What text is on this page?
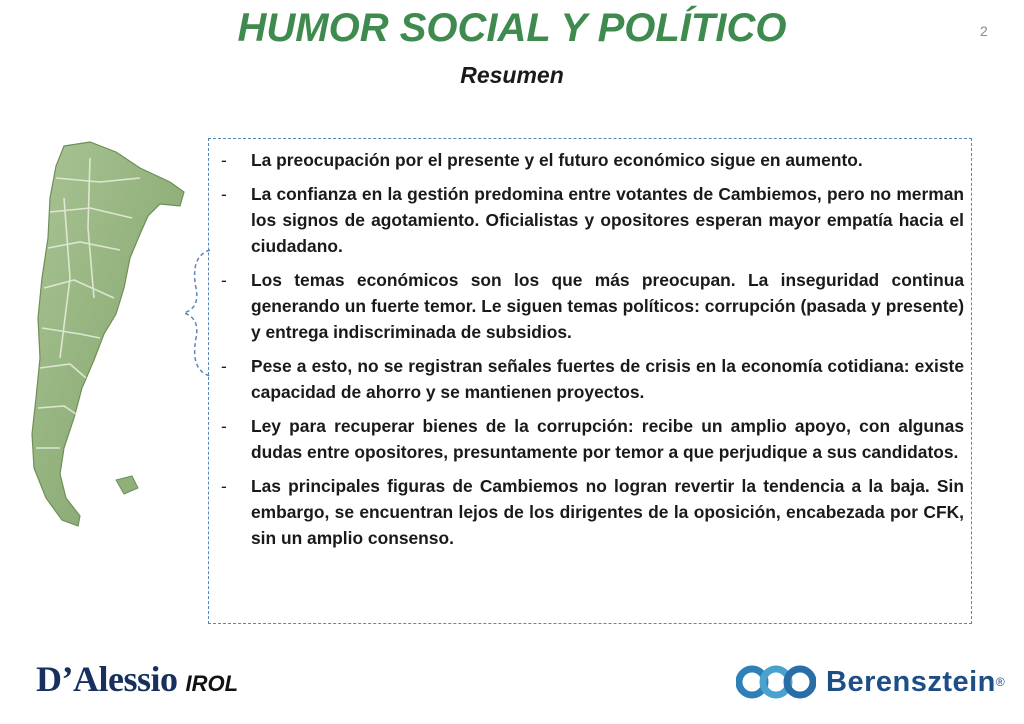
HUMOR SOCIAL Y POLÍTICO
Resumen
2
- La preocupación por el presente y el futuro económico sigue en aumento.
- La confianza en la gestión predomina entre votantes de Cambiemos, pero no merman los signos de agotamiento. Oficialistas y opositores esperan mayor empatía hacia el ciudadano.
- Los temas económicos son los que más preocupan. La inseguridad continua generando un fuerte temor. Le siguen temas políticos: corrupción (pasada y presente) y entrega indiscriminada de subsidios.
- Pese a esto, no se registran señales fuertes de crisis en la economía cotidiana: existe capacidad de ahorro y se mantienen proyectos.
- Ley para recuperar bienes de la corrupción: recibe un amplio apoyo, con algunas dudas entre opositores, presuntamente por temor a que perjudique a sus candidatos.
- Las principales figuras de Cambiemos no logran revertir la tendencia a la baja. Sin embargo, se encuentran lejos de los dirigentes de la oposición, encabezada por CFK, sin un amplio consenso.
D’Alessio IROL	Berensztein ®
